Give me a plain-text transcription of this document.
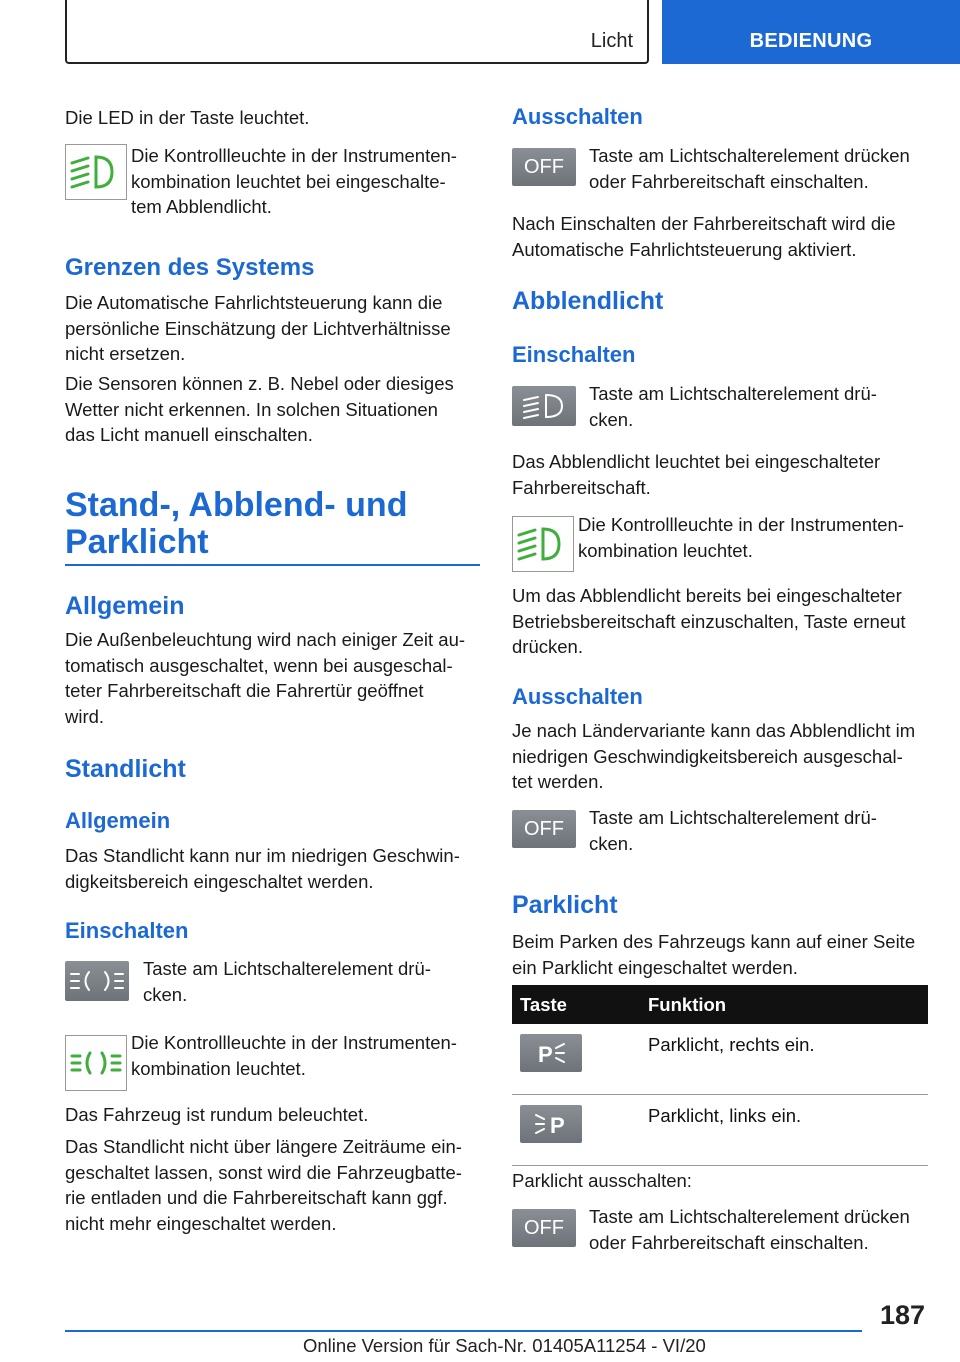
Licht	BEDIENUNG
Die LED in der Taste leuchtet.
Die Kontrollleuchte in der Instrumenten-
kombination leuchtet bei eingeschalte-
tem Abblendlicht.
Grenzen des Systems
Die Automatische Fahrlichtsteuerung kann die
persönliche Einschätzung der Lichtverhältnisse
nicht ersetzen.
Die Sensoren können z. B. Nebel oder diesiges
Wetter nicht erkennen. In solchen Situationen
das Licht manuell einschalten.
Stand-, Abblend- und
Parklicht
Allgemein
Die Außenbeleuchtung wird nach einiger Zeit au-
tomatisch ausgeschaltet, wenn bei ausgeschal-
teter Fahrbereitschaft die Fahrertür geöffnet
wird.
Standlicht
Allgemein
Das Standlicht kann nur im niedrigen Geschwin-
digkeitsbereich eingeschaltet werden.
Einschalten
Taste am Lichtschalterelement drü-
cken.
Die Kontrollleuchte in der Instrumenten-
kombination leuchtet.
Das Fahrzeug ist rundum beleuchtet.
Das Standlicht nicht über längere Zeiträume ein-
geschaltet lassen, sonst wird die Fahrzeugbatte-
rie entladen und die Fahrbereitschaft kann ggf.
nicht mehr eingeschaltet werden.
Ausschalten
OFF	Taste am Lichtschalterelement drücken
oder Fahrbereitschaft einschalten.
Nach Einschalten der Fahrbereitschaft wird die
Automatische Fahrlichtsteuerung aktiviert.
Abblendlicht
Einschalten
Taste am Lichtschalterelement drü-
cken.
Das Abblendlicht leuchtet bei eingeschalteter
Fahrbereitschaft.
Die Kontrollleuchte in der Instrumenten-
kombination leuchtet.
Um das Abblendlicht bereits bei eingeschalteter
Betriebsbereitschaft einzuschalten, Taste erneut
drücken.
Ausschalten
Je nach Ländervariante kann das Abblendlicht im
niedrigen Geschwindigkeitsbereich ausgeschal-
tet werden.
OFF	Taste am Lichtschalterelement drü-
cken.
Parklicht
Beim Parken des Fahrzeugs kann auf einer Seite
ein Parklicht eingeschaltet werden.
Taste	Funktion

P	Parklicht, rechts ein.

P	Parklicht, links ein.
Parklicht ausschalten:
OFF	Taste am Lichtschalterelement drücken
oder Fahrbereitschaft einschalten.
187
Online Version für Sach-Nr. 01405A11254 - VI/20
